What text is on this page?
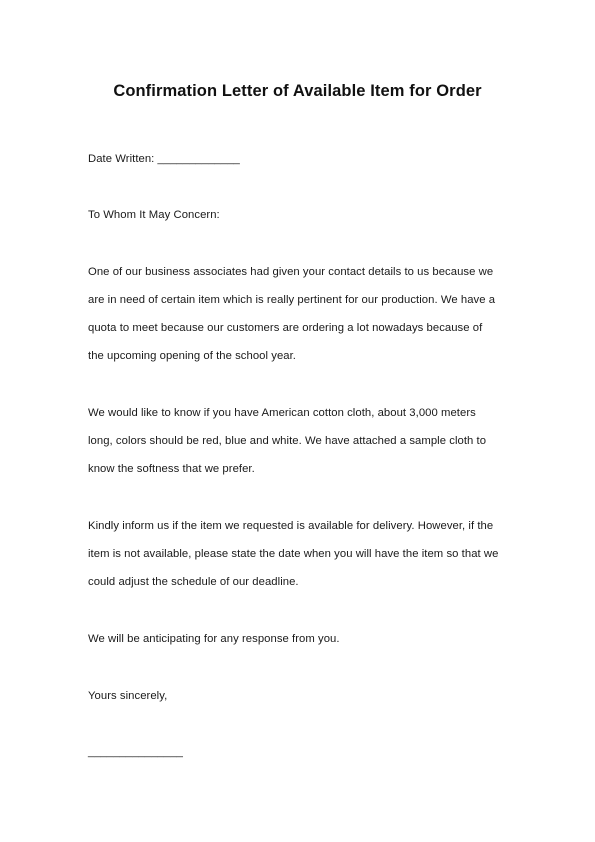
Confirmation Letter of Available Item for Order
Date Written: _____________
To Whom It May Concern:
One of our business associates had given your contact details to us because we
are in need of certain item which is really pertinent for our production. We have a
quota to meet because our customers are ordering a lot nowadays because of
the upcoming opening of the school year.
We would like to know if you have American cotton cloth, about 3,000 meters
long, colors should be red, blue and white. We have attached a sample cloth to
know the softness that we prefer.
Kindly inform us if the item we requested is available for delivery. However, if the
item is not available, please state the date when you will have the item so that we
could adjust the schedule of our deadline.
We will be anticipating for any response from you.
Yours sincerely,
_______________
